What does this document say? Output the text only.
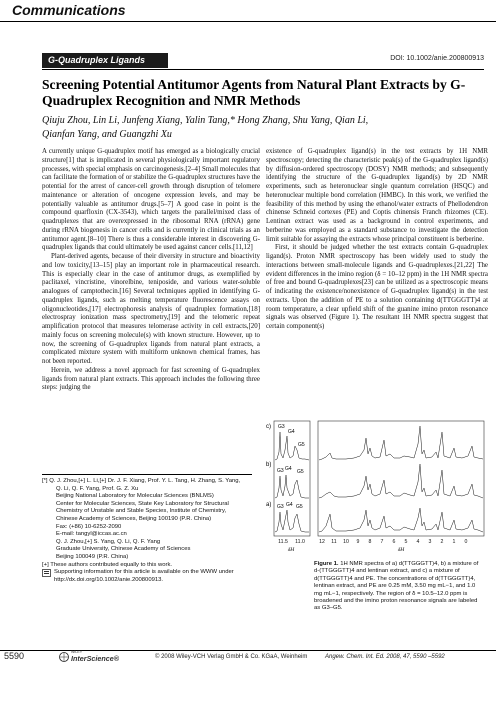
Communications
G-Quadruplex Ligands	DOI: 10.1002/anie.200800913
Screening Potential Antitumor Agents from Natural Plant Extracts by G-Quadruplex Recognition and NMR Methods
Qiuju Zhou, Lin Li, Junfeng Xiang, Yalin Tang,* Hong Zhang, Shu Yang, Qian Li,
Qianfan Yang, and Guangzhi Xu

A currently unique G-quadruplex motif has emerged as a biologically crucial structure[1] that is implicated in several physiologically important regulatory processes, with special emphasis on carcinogenesis.[2–4] Small molecules that can facilitate the formation of or stabilize the G-quadruplex structures have the potential for the arrest of cancer-cell growth through disruption of telomere maintenance or alteration of oncogene expression levels, and may be potentially valuable as antitumor drugs.[5–7] A good case in point is the compound quarfloxin (CX-3543), which targets the parallel/mixed class of quadruplexes that are overexpressed in the ribosomal RNA (rRNA) gene during rRNA biogenesis in cancer cells and is currently in clinical trials as an antitumor agent.[8–10] There is thus a considerable interest in discovering G-quadruplex ligands that could ultimately be used against cancer cells.[11,12]

Plant-derived agents, because of their diversity in structure and bioactivity and low toxicity,[13–15] play an important role in pharmaceutical research. This is especially clear in the case of antitumor drugs, as exemplified by paclitaxel, vincristine, vinorelbine, teniposide, and various water-soluble analogues of camptothecin.[16] Several techniques applied in identifying G-quadruplex ligands, such as melting temperature fluorescence assays on oligonucleotides,[17] electrophoresis analysis of quadruplex formation,[18] electrospray ionization mass spectrometry,[19] and the telomeric repeat amplification protocol that measures telomerase activity in cell extracts,[20] mainly focus on screening molecule(s) with known structure. However, up to now, the screening of G-quadruplex ligands from natural plant extracts, a complicated mixture system with multiform unknown chemical frames, has not been reported.

Herein, we address a novel approach for fast screening of G-quadruplex ligands from natural plant extracts. This approach includes the following three steps: judging the

existence of G-quadruplex ligand(s) in the test extracts by 1H NMR spectroscopy; detecting the characteristic peak(s) of the G-quadruplex ligand(s) by diffusion-ordered spectroscopy (DOSY) NMR methods; and subsequently identifying the structure of the G-quadruplex ligand(s) by 2D NMR experiments, such as heteronuclear single quantum correlation (HSQC) and heteronuclear multiple bond correlation (HMBC). In this work, we verified the feasibility of this method by using the ethanol/water extracts of Phellodendron chinense Schneid cortexes (PE) and Coptis chinensis Franch rhizomes (CE). Lentinan extract was used as a background in control experiments, and berberine was employed as a standard substance to investigate the detection limit suitable for assaying the extracts whose principal constituent is berberine.

First, it should be judged whether the test extracts contain G-quadruplex ligand(s). Proton NMR spectroscopy has been widely used to study the interactions between small-molecule ligands and G-quadruplexes.[21,22] The evident differences in the imino region (δ = 10–12 ppm) in the 1H NMR spectra of free and bound G-quadruplexes[23] can be utilized as a spectroscopic means of indicating the existence/nonexistence of G-quadruplex ligand(s) in the test extracts. Upon the addition of PE to a solution containing d(TTGGGTT)4 at room temperature, a clear upfield shift of the guanine imino proton resonance signals was observed (Figure 1). The resultant 1H NMR spectra suggest that certain component(s)

[*] Q. J. Zhou,[+] L. Li,[+] Dr. J. F. Xiang, Prof. Y. L. Tang, H. Zhang, S. Yang,
Q. Li, Q. F. Yang, Prof. G. Z. Xu
Beijing National Laboratory for Molecular Sciences (BNLMS)
Center for Molecular Sciences, State Key Laboratory for Structural
Chemistry of Unstable and Stable Species, Institute of Chemistry,
Chinese Academy of Sciences, Beijing 100190 (P.R. China)
Fax: (+86) 10-6252-2090
E-mail: tangyl@iccas.ac.cn
Q. J. Zhou,[+] S. Yang, Q. Li, Q. F. Yang
Graduate University, Chinese Academy of Sciences
Beijing 100049 (P.R. China)
[+] These authors contributed equally to this work.
Supporting information for this article is available on the WWW under http://dx.doi.org/10.1002/anie.200800913.
c)
b)
a)
G3
G4
G5
G3 G4 G5
G3 G4 G5
11.5 11.0	12 11 10 9 8 7 6 5 4 3 2 1 0
δH	δH
Figure 1. 1H NMR spectra of a) d(TTGGGTT)4, b) a mixture of d-(TTGGGTT)4 and lentinan extract, and c) a mixture of d(TTGGGTT)4 and PE. The concentrations of d(TTGGGTT)4, lentinan extract, and PE are 0.25 mM, 3.50 mg mL−1, and 1.0 mg mL−1, respectively. The region of δ = 10.5–12.0 ppm is broadened and the imino proton resonance signals are labeled as G3–G5.
5590	WILEY
InterScience®	© 2008 Wiley-VCH Verlag GmbH & Co. KGaA, Weinheim	Angew. Chem. Int. Ed. 2008, 47, 5590 –5592
